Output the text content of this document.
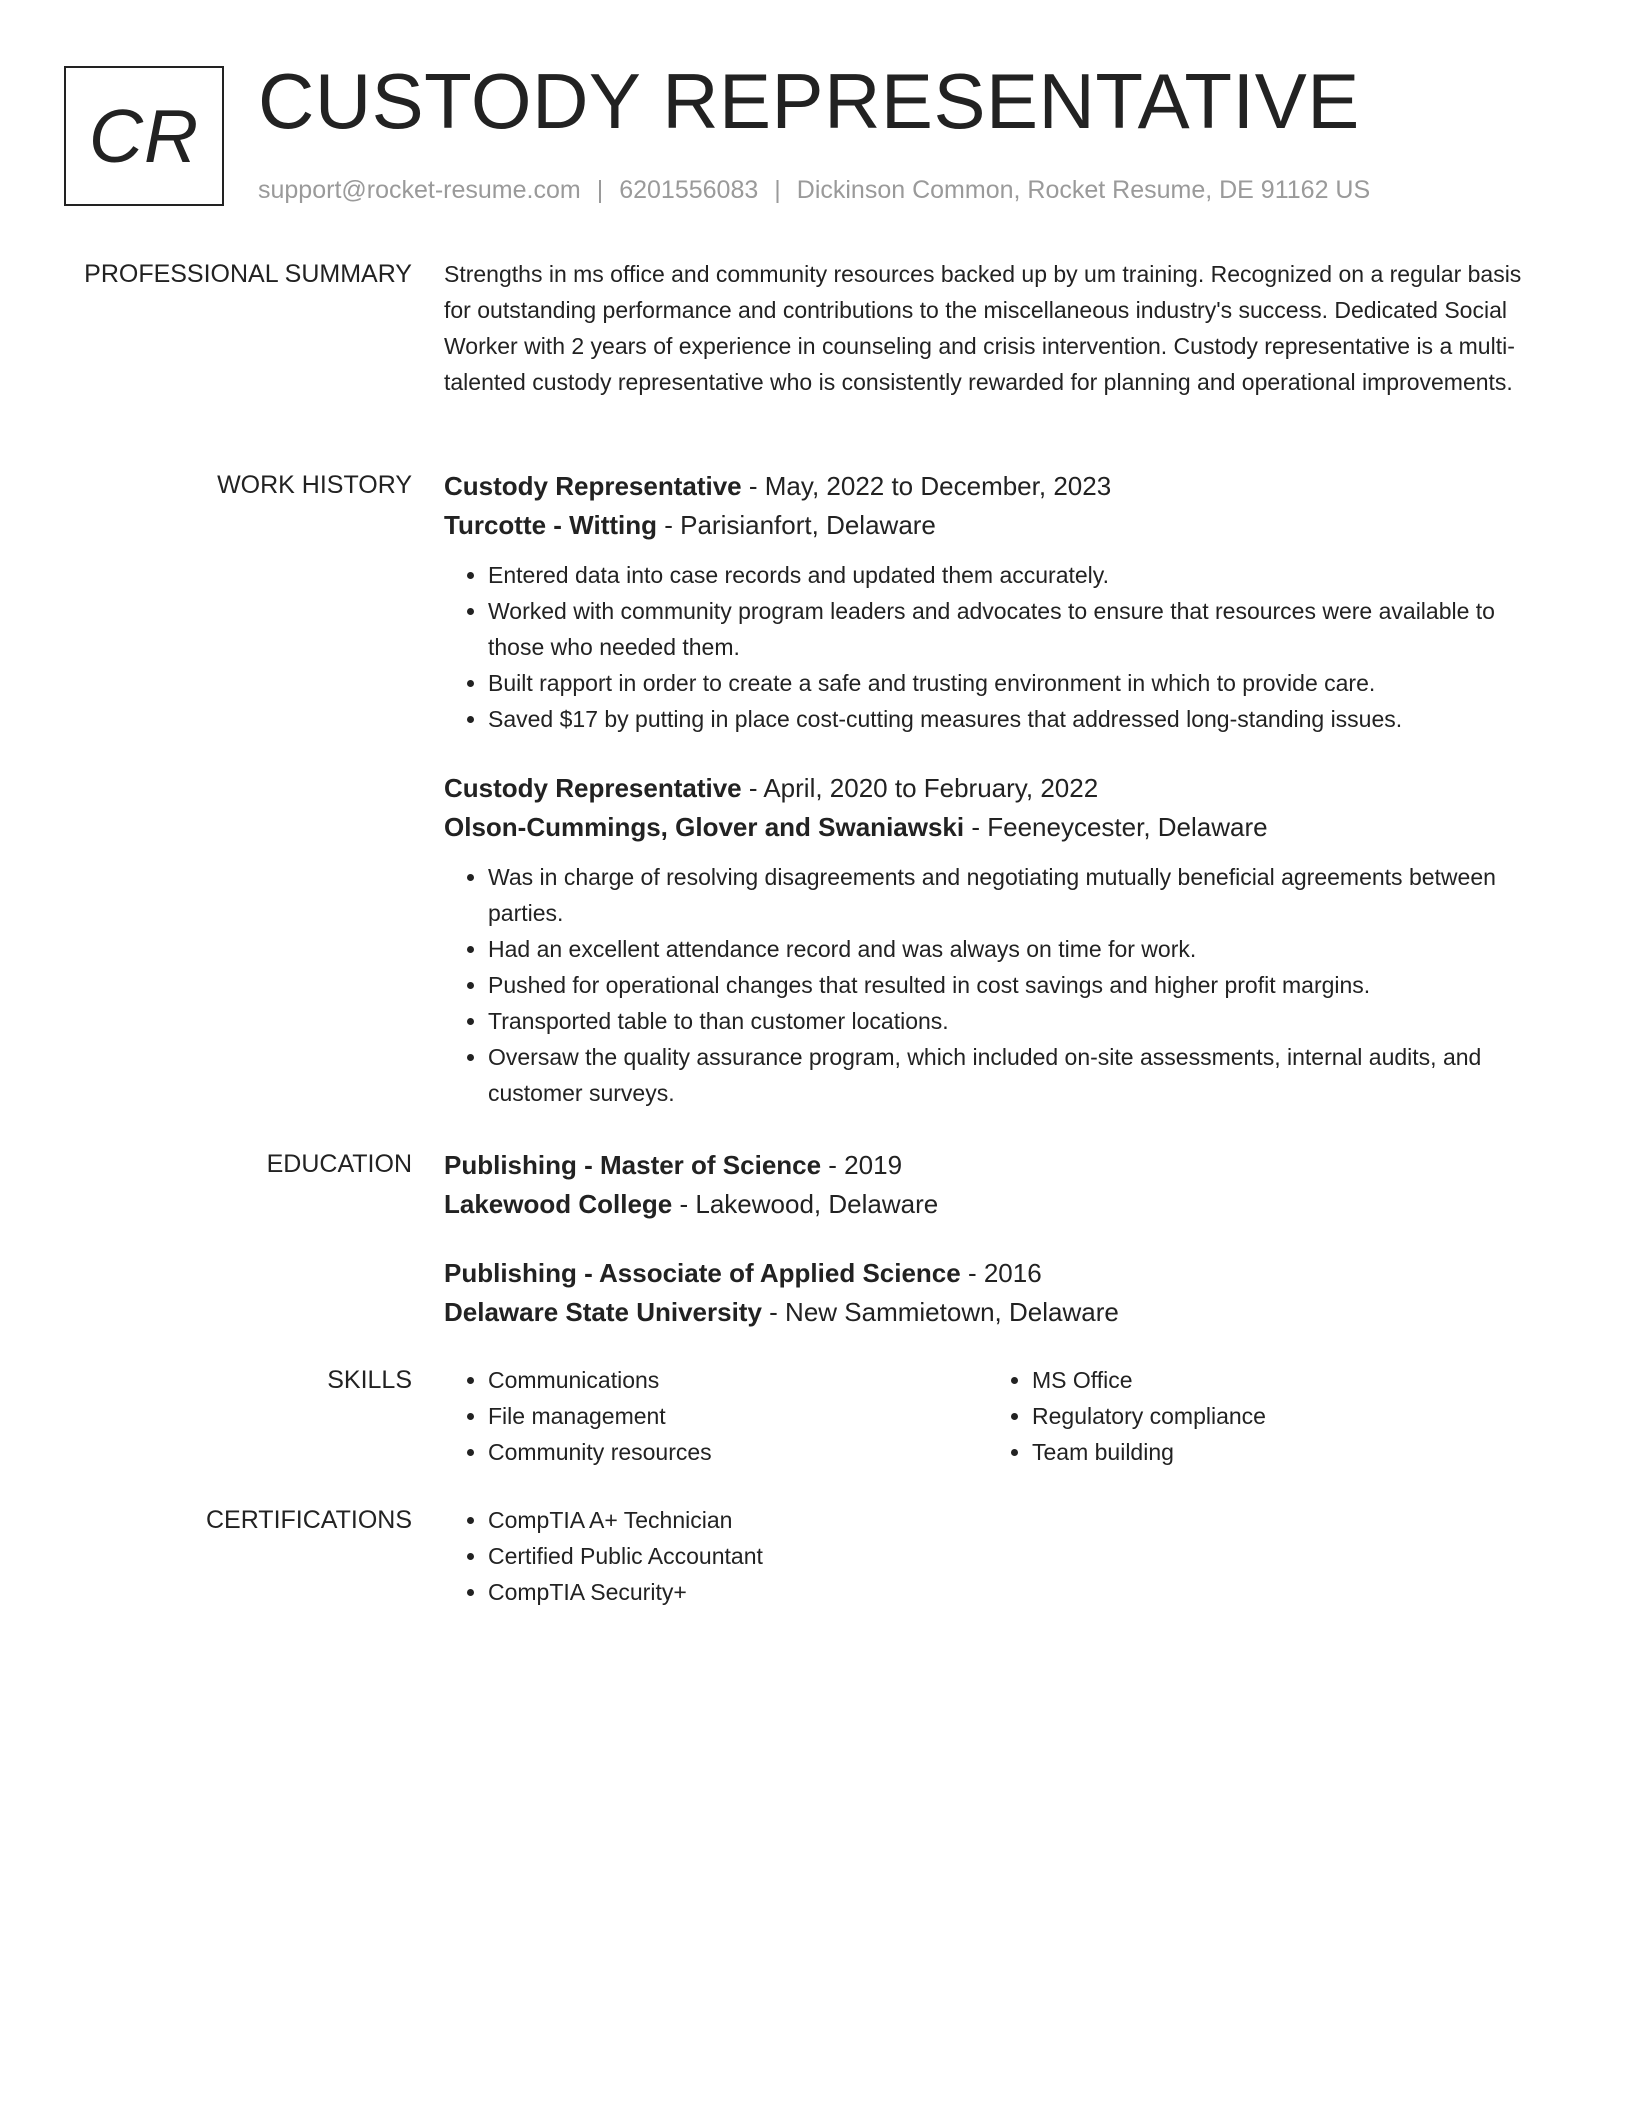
CR CUSTODY REPRESENTATIVE
support@rocket-resume.com | 6201556083 | Dickinson Common, Rocket Resume, DE 91162 US
PROFESSIONAL SUMMARY Strengths in ms office and community resources backed up by um training. Recognized on a regular basis for outstanding performance and contributions to the miscellaneous industry's success. Dedicated Social Worker with 2 years of experience in counseling and crisis intervention. Custody representative is a multi-talented custody representative who is consistently rewarded for planning and operational improvements.

WORK HISTORY Custody Representative - May, 2022 to December, 2023
Turcotte - Witting - Parisianfort, Delaware
• Entered data into case records and updated them accurately.
• Worked with community program leaders and advocates to ensure that resources were available to those who needed them.
• Built rapport in order to create a safe and trusting environment in which to provide care.
• Saved $17 by putting in place cost-cutting measures that addressed long-standing issues.
Custody Representative - April, 2020 to February, 2022
Olson-Cummings, Glover and Swaniawski - Feeneycester, Delaware
• Was in charge of resolving disagreements and negotiating mutually beneficial agreements between parties.
• Had an excellent attendance record and was always on time for work.
• Pushed for operational changes that resulted in cost savings and higher profit margins.
• Transported table to than customer locations.
• Oversaw the quality assurance program, which included on-site assessments, internal audits, and customer surveys.
EDUCATION Publishing - Master of Science - 2019
Lakewood College - Lakewood, Delaware
Publishing - Associate of Applied Science - 2016
Delaware State University - New Sammietown, Delaware
SKILLS	• Communications
• File management
• Community resources
• MS Office
• Regulatory compliance
• Team building
CERTIFICATIONS	• CompTIA A+ Technician
• Certified Public Accountant
• CompTIA Security+
